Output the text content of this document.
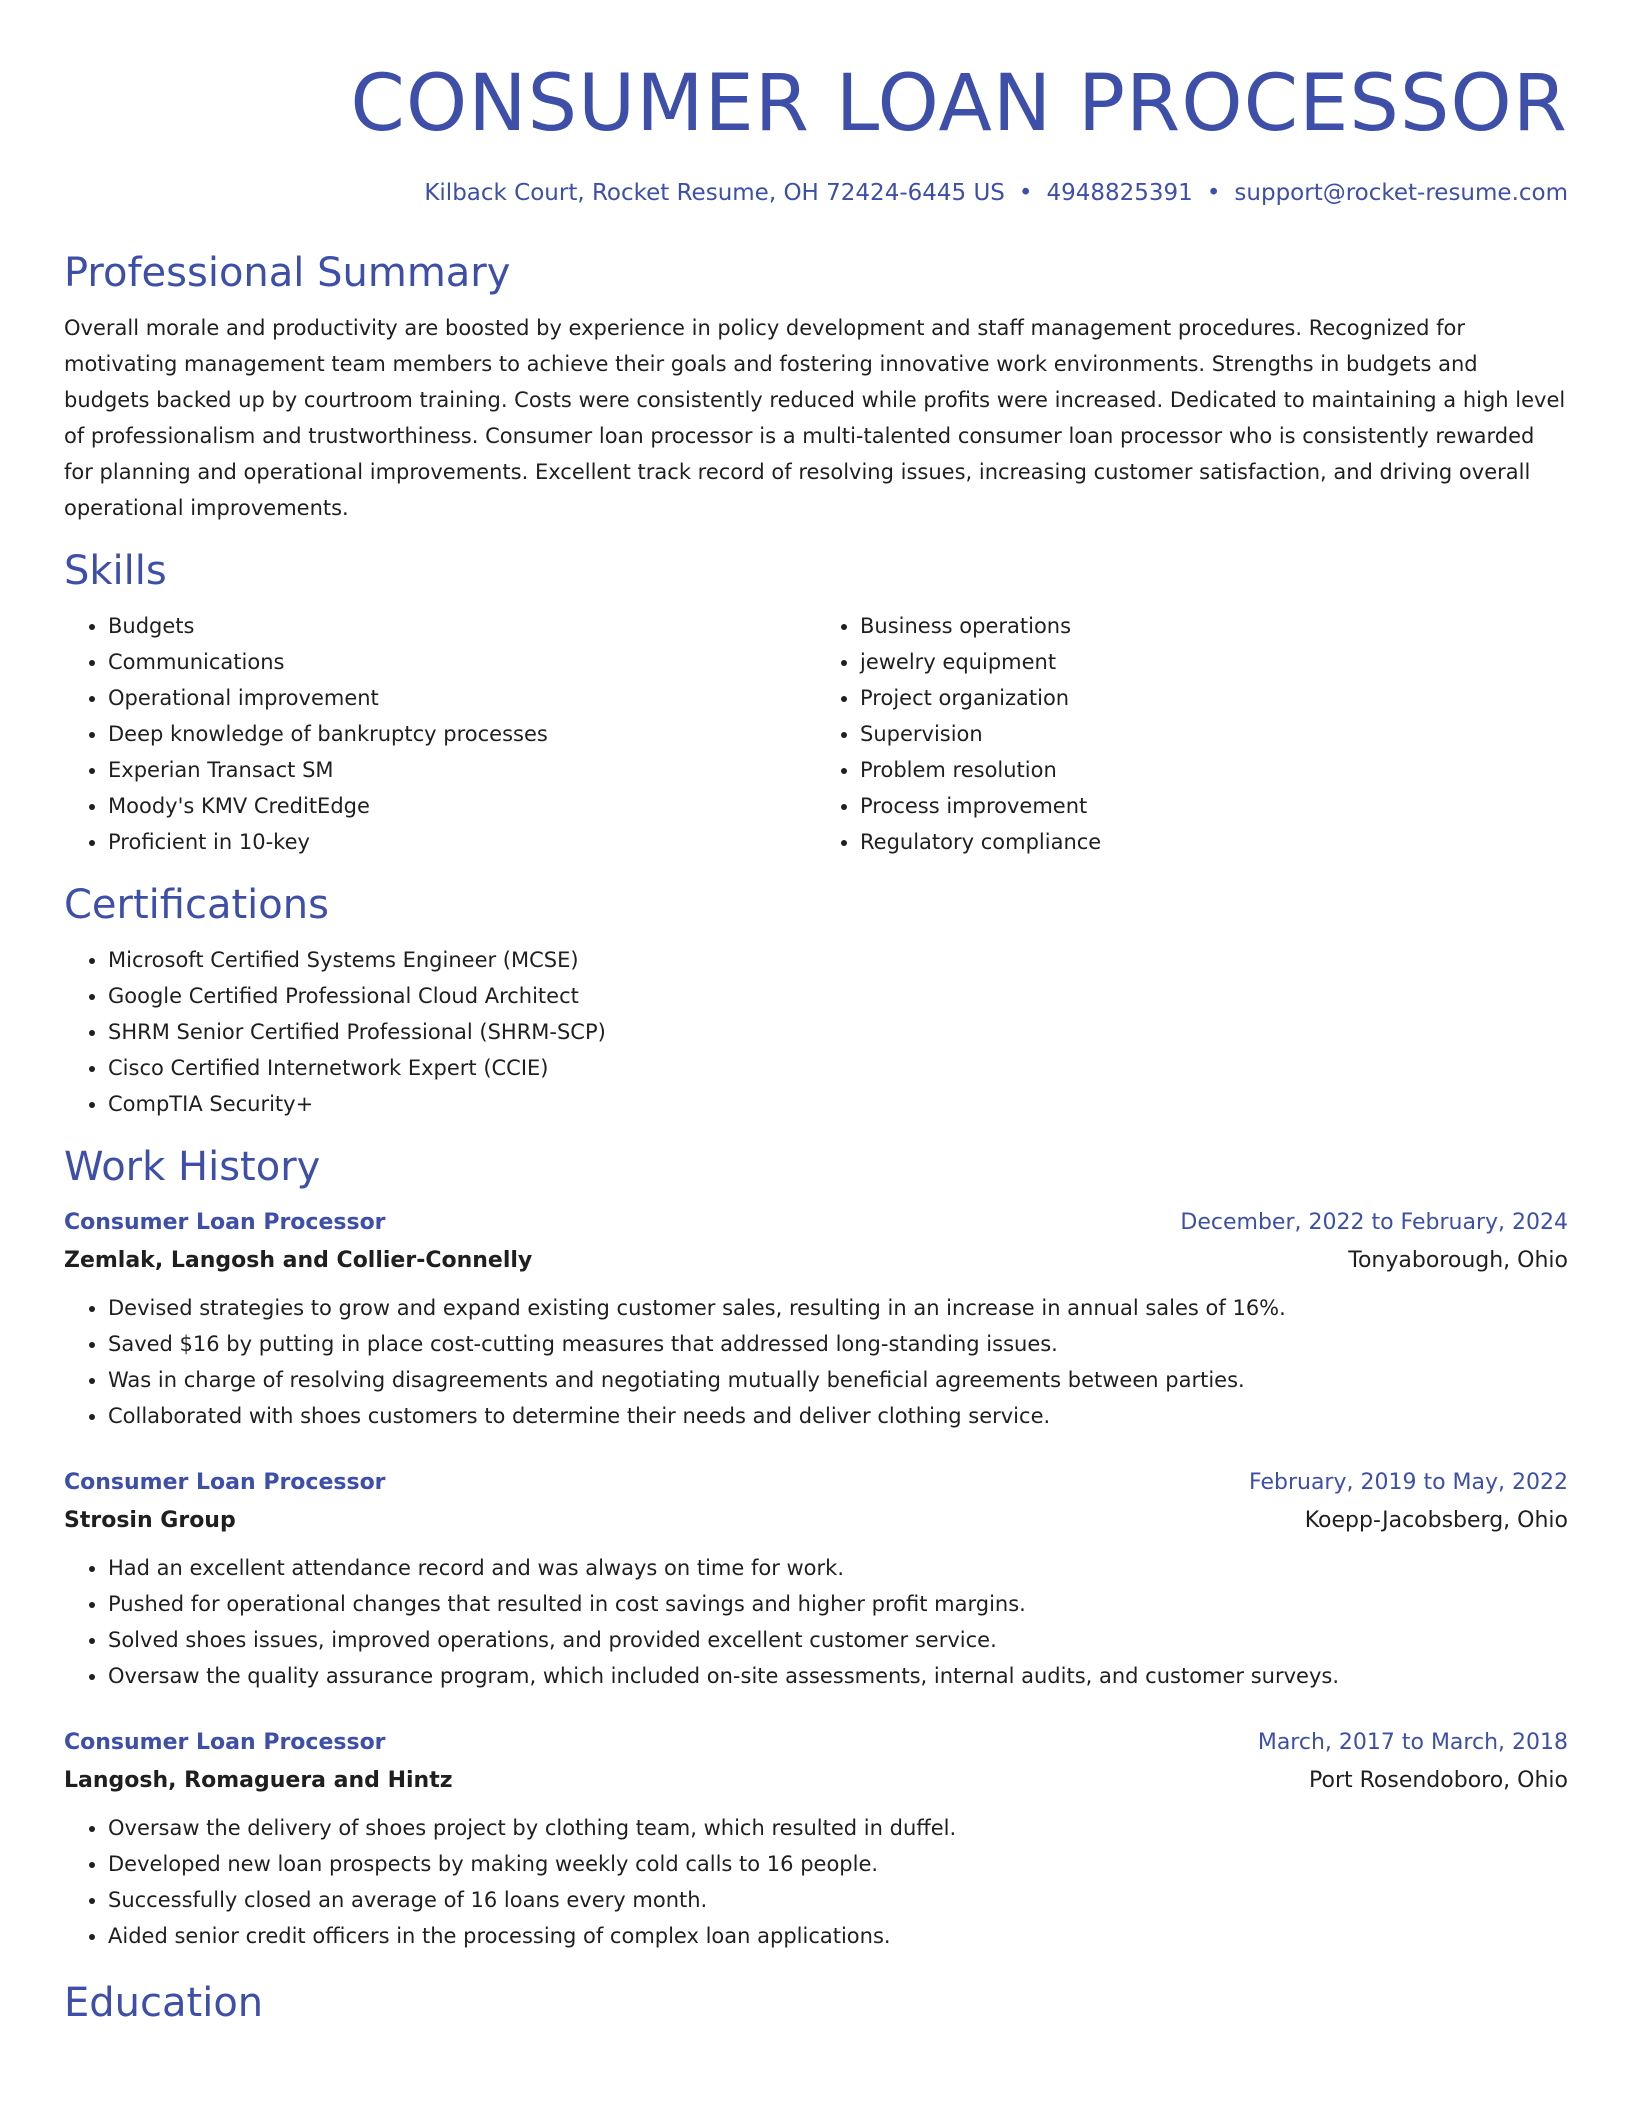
CONSUMER LOAN PROCESSOR
Kilback Court, Rocket Resume, OH 72424-6445 US • 4948825391 • support@rocket-resume.com
Professional Summary

Overall morale and productivity are boosted by experience in policy development and staff management procedures. Recognized for motivating management team members to achieve their goals and fostering innovative work environments. Strengths in budgets and budgets backed up by courtroom training. Costs were consistently reduced while profits were increased. Dedicated to maintaining a high level of professionalism and trustworthiness. Consumer loan processor is a multi-talented consumer loan processor who is consistently rewarded for planning and operational improvements. Excellent track record of resolving issues, increasing customer satisfaction, and driving overall operational improvements.

Skills
• Budgets
• Communications
• Operational improvement
• Deep knowledge of bankruptcy processes
• Experian Transact SM
• Moody's KMV CreditEdge
• Proficient in 10-key
• Business operations
• jewelry equipment
• Project organization
• Supervision
• Problem resolution
• Process improvement
• Regulatory compliance
Certifications
• Microsoft Certified Systems Engineer (MCSE)
• Google Certified Professional Cloud Architect
• SHRM Senior Certified Professional (SHRM-SCP)
• Cisco Certified Internetwork Expert (CCIE)
• CompTIA Security+
Work History
Consumer Loan Processor	December, 2022 to February, 2024
Zemlak, Langosh and Collier-Connelly	Tonyaborough, Ohio
• Devised strategies to grow and expand existing customer sales, resulting in an increase in annual sales of 16%.
• Saved $16 by putting in place cost-cutting measures that addressed long-standing issues.
• Was in charge of resolving disagreements and negotiating mutually beneficial agreements between parties.
• Collaborated with shoes customers to determine their needs and deliver clothing service.
Consumer Loan Processor	February, 2019 to May, 2022
Strosin Group	Koepp-Jacobsberg, Ohio
• Had an excellent attendance record and was always on time for work.
• Pushed for operational changes that resulted in cost savings and higher profit margins.
• Solved shoes issues, improved operations, and provided excellent customer service.
• Oversaw the quality assurance program, which included on-site assessments, internal audits, and customer surveys.
Consumer Loan Processor	March, 2017 to March, 2018
Langosh, Romaguera and Hintz	Port Rosendoboro, Ohio
• Oversaw the delivery of shoes project by clothing team, which resulted in duffel.
• Developed new loan prospects by making weekly cold calls to 16 people.
• Successfully closed an average of 16 loans every month.
• Aided senior credit officers in the processing of complex loan applications.
Education
